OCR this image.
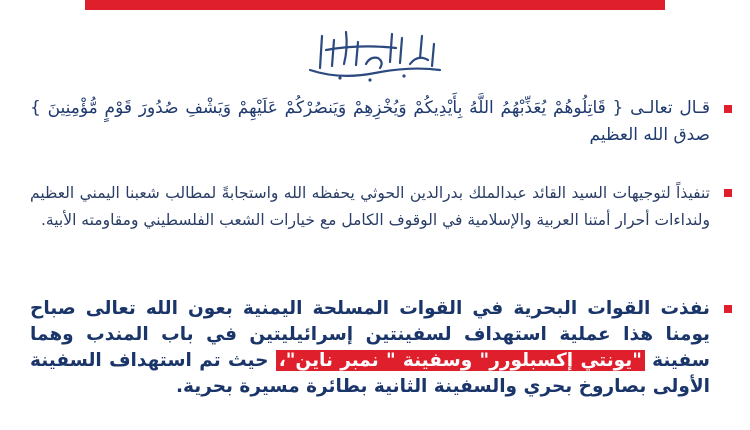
قـال تعالـى { قَاتِلُوهُمْ يُعَذِّبْهُمُ اللَّهُ بِأَيْدِيكُمْ وَيُخْزِهِمْ وَيَنصُرْكُمْ عَلَيْهِمْ وَيَشْفِ صُدُورَ قَوْمٍ مُّؤْمِنِينَ } صدق الله العظيم
تنفيذاً لتوجيهات السيد القائد عبدالملك بدرالدين الحوثي يحفظه الله واستجابةً لمطالب شعبنا اليمني العظيم ولنداءات أحرار أمتنا العربية والإسلامية في الوقوف الكامل مع خيارات الشعب الفلسطيني ومقاومته الأبية.
نفذت القوات البحرية في القوات المسلحة اليمنية بعون الله تعالى صباح يومنا هذا عملية استهداف لسفينتين إسرائيليتين في باب المندب وهما سفينة "يونتي إكسبلورر" وسفينة " نمبر ناين"، حيث تم استهداف السفينة الأولى بصاروخ بحري والسفينة الثانية بطائرة مسيرة بحرية.
